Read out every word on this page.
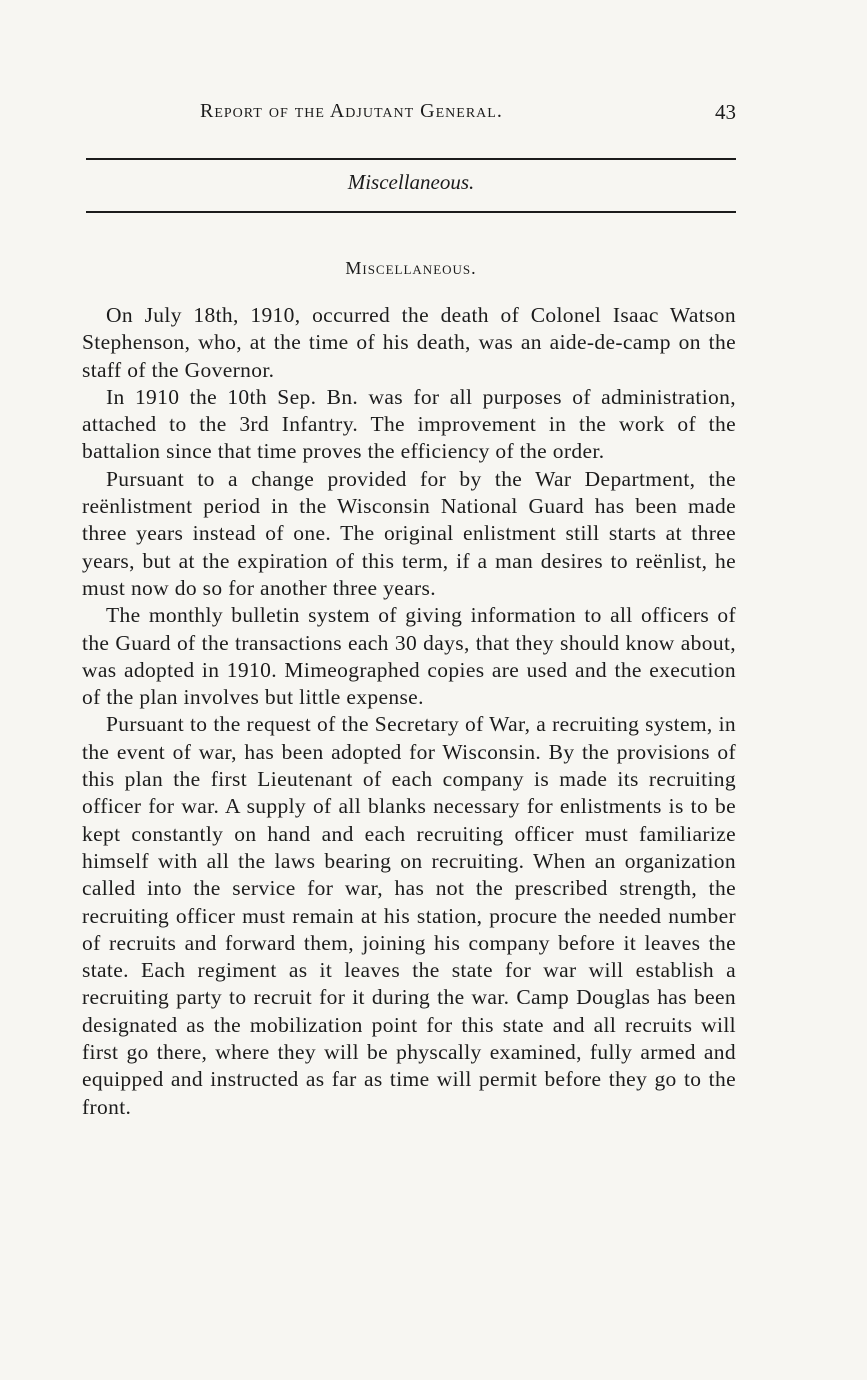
Report of the Adjutant General.	43
Miscellaneous.
Miscellaneous.

On July 18th, 1910, occurred the death of Colonel Isaac Watson Stephenson, who, at the time of his death, was an aide-de-camp on the staff of the Governor.

In 1910 the 10th Sep. Bn. was for all purposes of administration, attached to the 3rd Infantry. The improvement in the work of the battalion since that time proves the efficiency of the order.

Pursuant to a change provided for by the War Department, the reënlistment period in the Wisconsin National Guard has been made three years instead of one. The original enlistment still starts at three years, but at the expiration of this term, if a man desires to reënlist, he must now do so for another three years.

The monthly bulletin system of giving information to all officers of the Guard of the transactions each 30 days, that they should know about, was adopted in 1910. Mimeographed copies are used and the execution of the plan involves but little expense.

Pursuant to the request of the Secretary of War, a recruiting system, in the event of war, has been adopted for Wisconsin. By the provisions of this plan the first Lieutenant of each company is made its recruiting officer for war. A supply of all blanks necessary for enlistments is to be kept constantly on hand and each recruiting officer must familiarize himself with all the laws bearing on recruiting. When an organization called into the service for war, has not the prescribed strength, the recruiting officer must remain at his station, procure the needed number of recruits and forward them, joining his company before it leaves the state. Each regiment as it leaves the state for war will establish a recruiting party to recruit for it during the war. Camp Douglas has been designated as the mobilization point for this state and all recruits will first go there, where they will be physcally examined, fully armed and equipped and instructed as far as time will permit before they go to the front.
